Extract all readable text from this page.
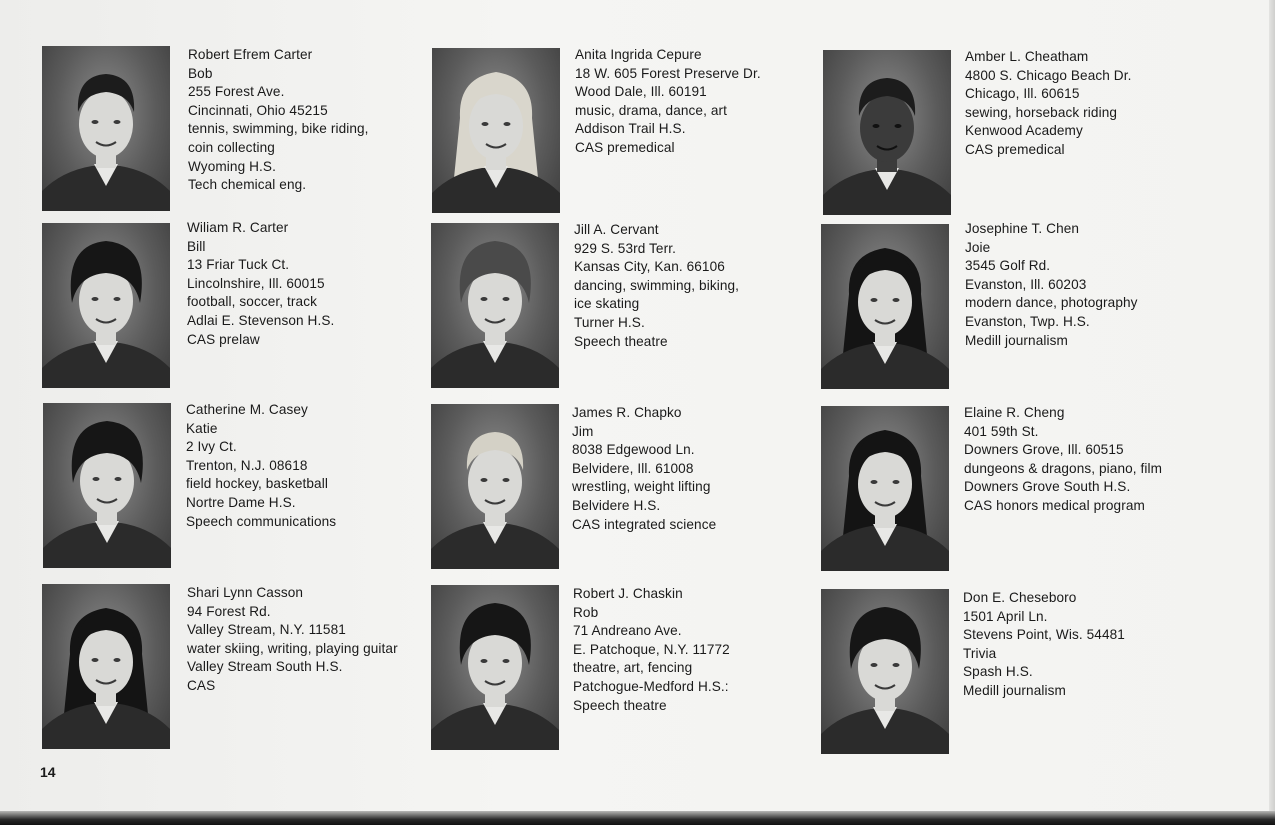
Robert Efrem Carter
Bob
255 Forest Ave.
Cincinnati, Ohio 45215
tennis, swimming, bike riding,
coin collecting
Wyoming H.S.
Tech chemical eng.
Wiliam R. Carter
Bill
13 Friar Tuck Ct.
Lincolnshire, Ill. 60015
football, soccer, track
Adlai E. Stevenson H.S.
CAS prelaw
Catherine M. Casey
Katie
2 Ivy Ct.
Trenton, N.J. 08618
field hockey, basketball
Nortre Dame H.S.
Speech communications
Shari Lynn Casson
94 Forest Rd.
Valley Stream, N.Y. 11581
water skiing, writing, playing guitar
Valley Stream South H.S.
CAS
Anita Ingrida Cepure
18 W. 605 Forest Preserve Dr.
Wood Dale, Ill. 60191
music, drama, dance, art
Addison Trail H.S.
CAS premedical
Jill A. Cervant
929 S. 53rd Terr.
Kansas City, Kan. 66106
dancing, swimming, biking,
ice skating
Turner H.S.
Speech theatre
James R. Chapko
Jim
8038 Edgewood Ln.
Belvidere, Ill. 61008
wrestling, weight lifting
Belvidere H.S.
CAS integrated science
Robert J. Chaskin
Rob
71 Andreano Ave.
E. Patchoque, N.Y. 11772
theatre, art, fencing
Patchogue-Medford H.S.:
Speech theatre
Amber L. Cheatham
4800 S. Chicago Beach Dr.
Chicago, Ill. 60615
sewing, horseback riding
Kenwood Academy
CAS premedical
Josephine T. Chen
Joie
3545 Golf Rd.
Evanston, Ill. 60203
modern dance, photography
Evanston, Twp. H.S.
Medill journalism
Elaine R. Cheng
401 59th St.
Downers Grove, Ill. 60515
dungeons & dragons, piano, film
Downers Grove South H.S.
CAS honors medical program
Don E. Cheseboro
1501 April Ln.
Stevens Point, Wis. 54481
Trivia
Spash H.S.
Medill journalism
14
